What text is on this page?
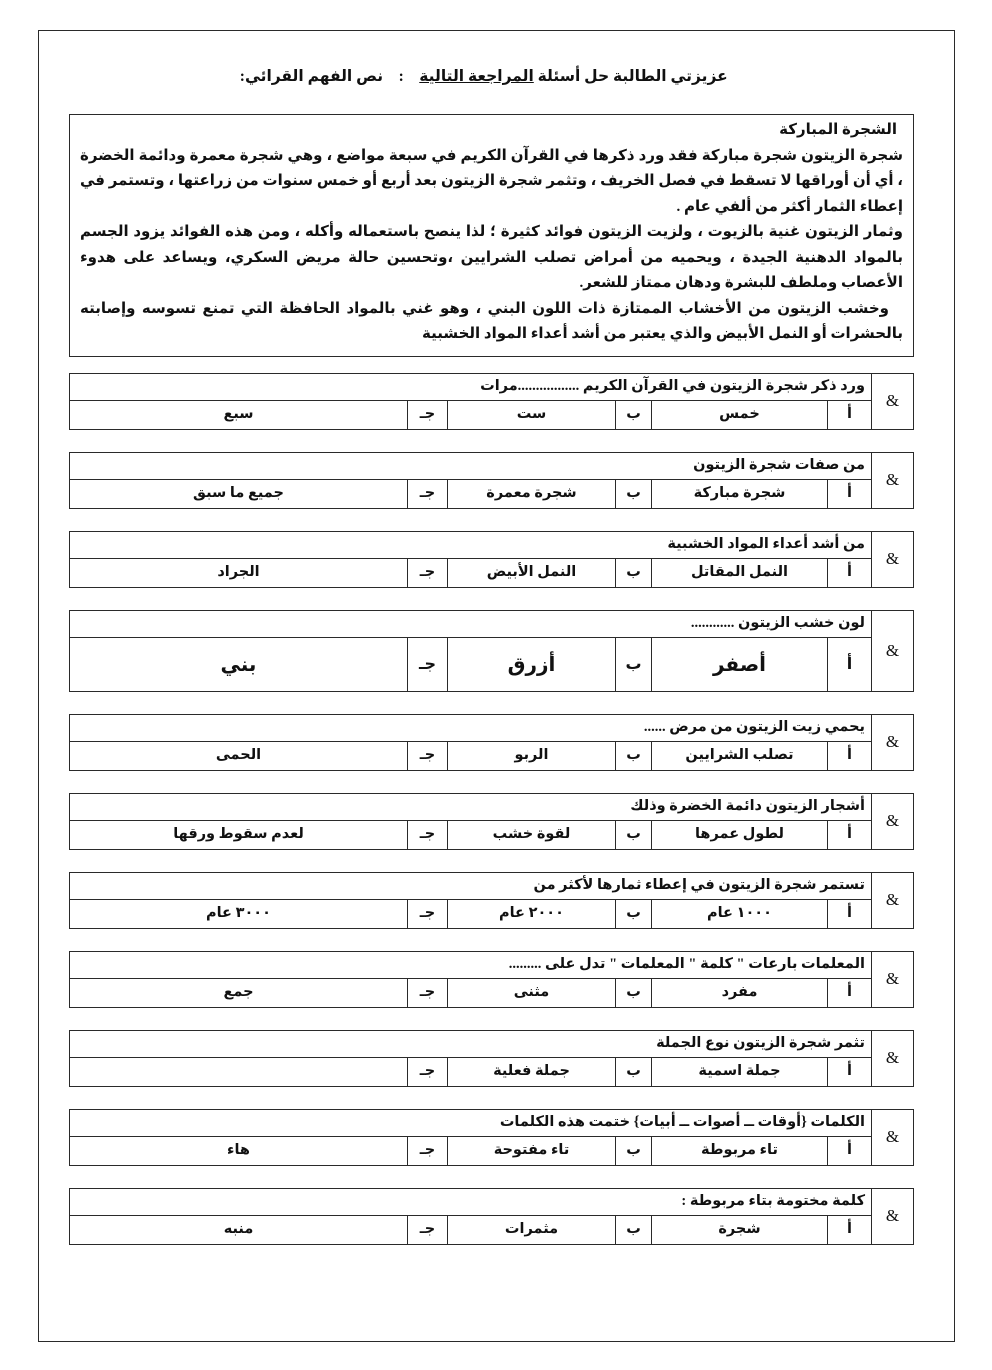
عزيزتي الطالبة حل أسئلة المراجعة التالية    :    نص الفهم القرائي:

الشجرة المباركة

شجرة الزيتون شجرة مباركة فقد ورد ذكرها في القرآن الكريم في سبعة مواضع ، وهي شجرة معمرة ودائمة الخضرة ، أي أن أوراقها لا تسقط في فصل الخريف ، وتثمر شجرة الزيتون بعد أربع أو خمس سنوات من زراعتها ، وتستمر في إعطاء الثمار أكثر من ألفي عام .

وثمار الزيتون غنية بالزيوت ، ولزيت الزيتون فوائد كثيرة ؛ لذا ينصح باستعماله وأكله ، ومن هذه الفوائد يزود الجسم بالمواد الدهنية الجيدة ، ويحميه من أمراض تصلب الشرايين ،وتحسين حالة مريض السكري، ويساعد على هدوء الأعصاب وملطف للبشرة ودهان ممتاز للشعر.

وخشب الزيتون من الأخشاب الممتازة ذات اللون البني ، وهو غني بالمواد الحافظة التي تمنع تسوسه وإصابته بالحشرات أو النمل الأبيض والذي يعتبر من أشد أعداء المواد الخشبية

&	ورد ذكر شجرة الزيتون في القرآن الكريم .................مرات					
	أ	خمس	ب	ست	جـ	سبع
&	من صفات شجرة الزيتون					
	أ	شجرة مباركة	ب	شجرة معمرة	جـ	جميع ما سبق
&	من أشد أعداء المواد الخشبية					
	أ	النمل المقاتل	ب	النمل الأبيض	جـ	الجراد
&	لون خشب الزيتون ............					
	أ	أصفر	ب	أزرق	جـ	بني
&	يحمي زيت الزيتون من مرض ......					
	أ	تصلب الشرايين	ب	الربو	جـ	الحمى
&	أشجار الزيتون دائمة الخضرة وذلك					
	أ	لطول عمرها	ب	لقوة خشب	جـ	لعدم سقوط ورقها
&	تستمر شجرة الزيتون في إعطاء ثمارها لأكثر من					
	أ	١٠٠٠ عام	ب	٢٠٠٠ عام	جـ	٣٠٠٠ عام
&	المعلمات بارعات " كلمة " المعلمات " تدل على .........					
	أ	مفرد	ب	مثنى	جـ	جمع
&	تثمر شجرة الزيتون نوع الجملة					
	أ	جملة اسمية	ب	جملة فعلية	جـ	
&	الكلمات {أوقات ــ أصوات ــ أبيات} ختمت هذه الكلمات					
	أ	تاء مربوطة	ب	تاء مفتوحة	جـ	هاء
&	كلمة مختومة بتاء مربوطة :					
	أ	شجرة	ب	مثمرات	جـ	منبه
